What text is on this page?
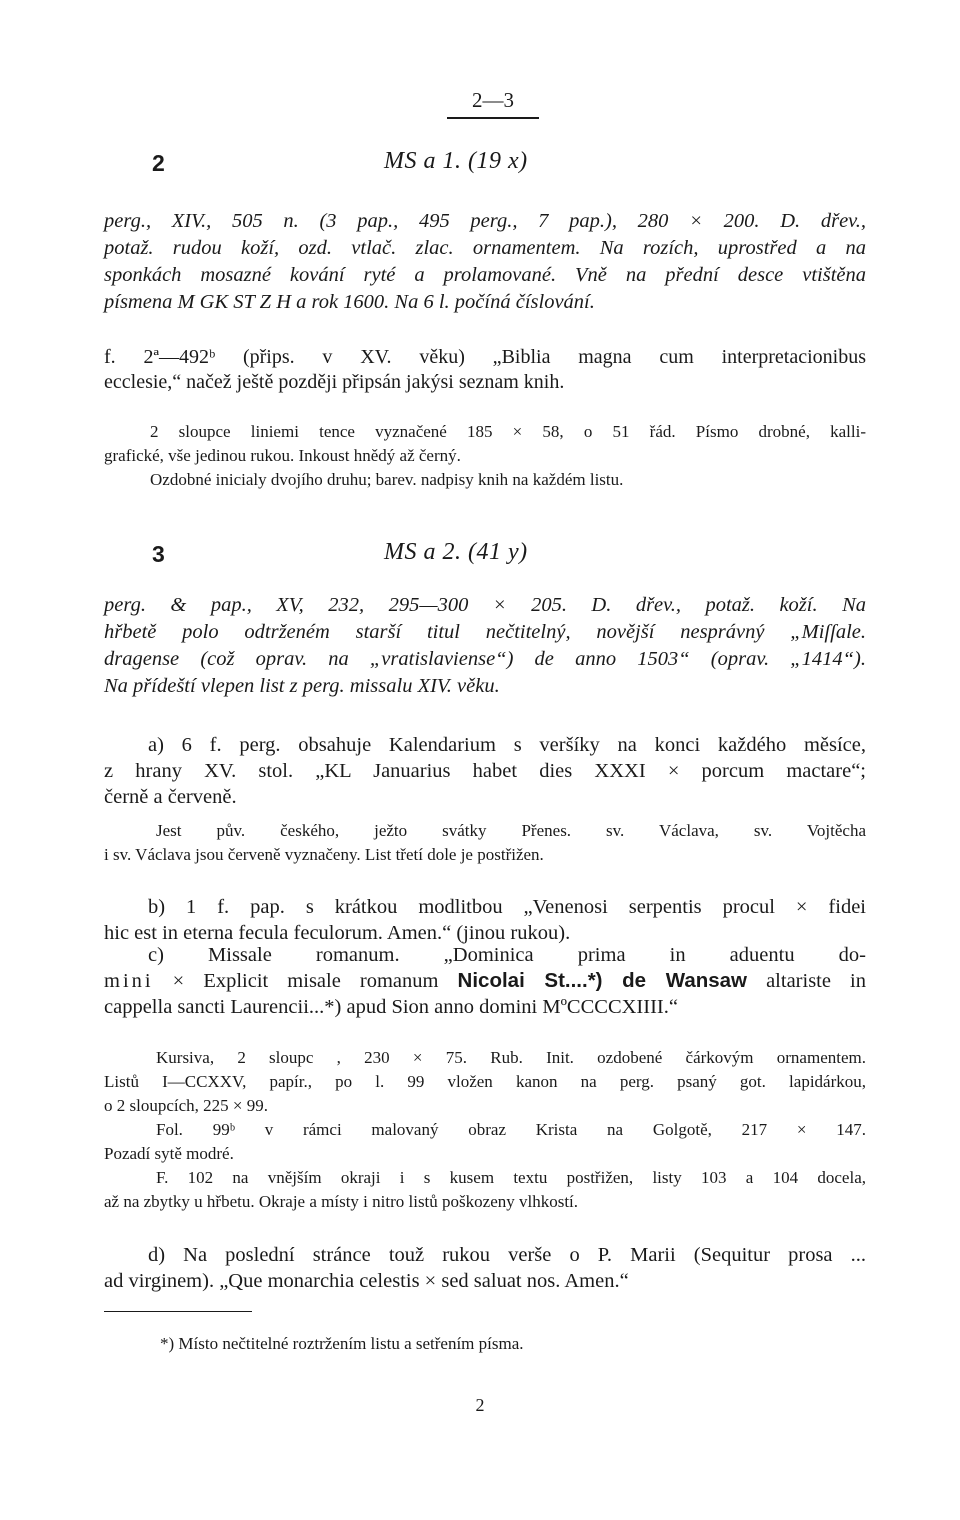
2—3
2	MS a 1. (19 x)
perg., XIV., 505 n. (3 pap., 495 perg., 7 pap.), 280 × 200. D. dřev.,
potaž. rudou koží, ozd. vtlač. zlac. ornamentem. Na rozích, uprostřed a na
sponkách mosazné kování ryté a prolamované. Vně na přední desce vtištěna
písmena M GK ST Z H a rok 1600. Na 6 l. počíná číslování.
f. 2ª—492ᵇ (přips. v XV. věku) „Biblia magna cum interpretacionibus
ecclesie,“ načež ještě později připsán jakýsi seznam knih.
2 sloupce liniemi tence vyznačené 185 × 58, o 51 řád. Písmo drobné, kalli-
grafické, vše jedinou rukou. Inkoust hnědý až černý.
Ozdobné inicialy dvojího druhu; barev. nadpisy knih na každém listu.
3	MS a 2. (41 y)
perg. & pap., XV, 232, 295—300 × 205. D. dřev., potaž. koží. Na
hřbetě polo odtrženém starší titul nečtitelný, novější nesprávný „Miſſale.
dragense (což oprav. na „vratislaviense“) de anno 1503“ (oprav. „1414“).
Na přídeští vlepen list z perg. missalu XIV. věku.
a) 6 f. perg. obsahuje Kalendarium s veršíky na konci každého měsíce,
z hrany XV. stol. „KL Januarius habet dies XXXI × porcum mactare“;
černě a červeně.
Jest pův. českého, ježto svátky Přenes. sv. Václava, sv. Vojtěcha
i sv. Václava jsou červeně vyznačeny. List třetí dole je postřižen.
b) 1 f. pap. s krátkou modlitbou „Venenosi serpentis procul × fidei
hic est in eterna fecula feculorum. Amen.“ (jinou rukou).
c) Missale romanum. „Dominica prima in aduentu do-
mini × Explicit misale romanum Nicolai St....*) de Wansaw altariste in
cappella sancti Laurencii...*) apud Sion anno domini MºCCCCXIIII.“
Kursiva, 2 sloupc , 230 × 75. Rub. Init. ozdobené čárkovým ornamentem.
Listů I—CCXXV, papír., po l. 99 vložen kanon na perg. psaný got. lapidárkou,
o 2 sloupcích, 225 × 99.
Fol. 99ᵇ v rámci malovaný obraz Krista na Golgotě, 217 × 147.
Pozadí sytě modré.
F. 102 na vnějším okraji i s kusem textu postřižen, listy 103 a 104 docela,
až na zbytky u hřbetu. Okraje a místy i nitro listů poškozeny vlhkostí.
d) Na poslední stránce touž rukou verše o P. Marii (Sequitur prosa ...
ad virginem). „Que monarchia celestis × sed saluat nos. Amen.“
*) Místo nečtitelné roztržením listu a setřením písma.
2
